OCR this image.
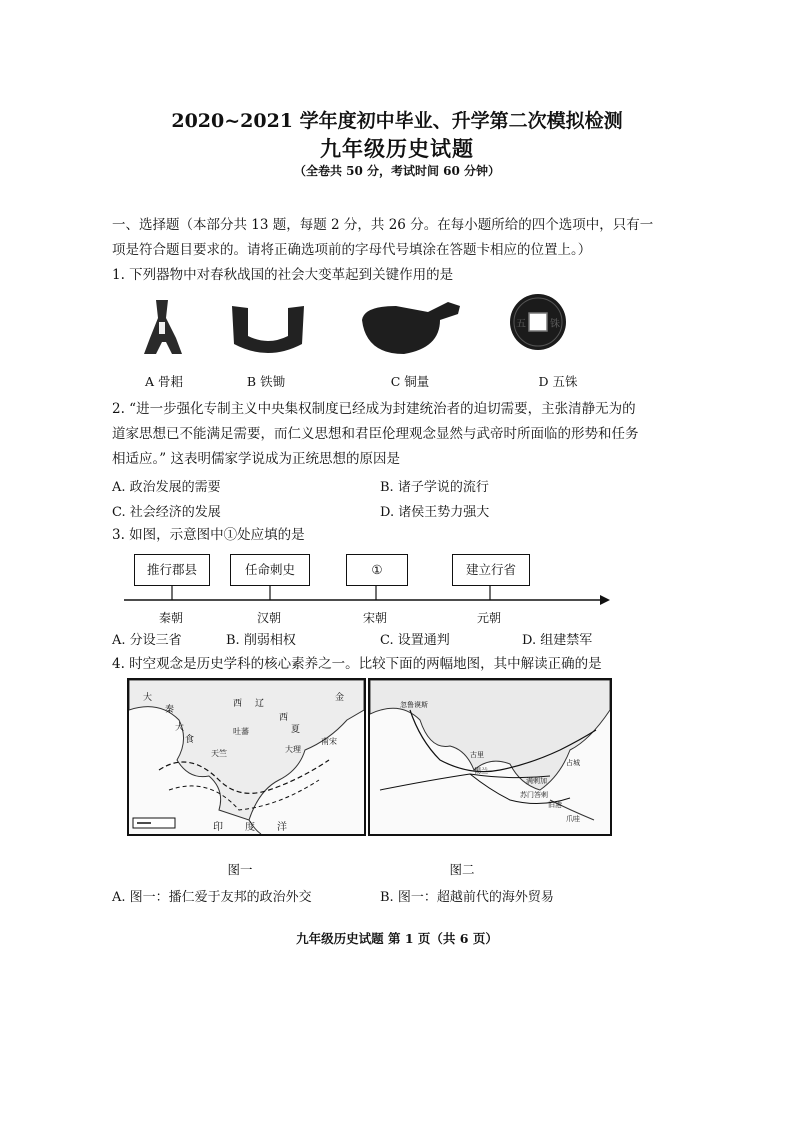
2020~2021 学年度初中毕业、升学第二次模拟检测
九年级历史试题
（全卷共 50 分，考试时间 60 分钟）
一、选择题（本部分共 13 题，每题 2 分，共 26 分。在每小题所给的四个选项中，只有一
项是符合题目要求的。请将正确选项前的字母代号填涂在答题卡相应的位置上。）
1. 下列器物中对春秋战国的社会大变革起到关键作用的是
五 铢
A 骨耜	B 铁锄	C 铜量	D 五铢
2. “进一步强化专制主义中央集权制度已经成为封建统治者的迫切需要，主张清静无为的
道家思想已不能满足需要，而仁义思想和君臣伦理观念显然与武帝时所面临的形势和任务
相适应。” 这表明儒家学说成为正统思想的原因是
A. 政治发展的需要	B. 诸子学说的流行
C. 社会经济的发展	D. 诸侯王势力强大
3. 如图，示意图中①处应填的是
推行郡县	任命刺史	①	建立行省
秦朝	汉朝	宋朝	元朝
A. 分设三省	B. 削弱相权	C. 设置通判	D. 组建禁军
4. 时空观念是历史学科的核心素养之一。比较下面的两幅地图，其中解读正确的是
大
秦
大
食
西 辽
吐蕃
西
夏
天竺	大理
南宋
金
印 度 洋
忽鲁谟斯
锡兰
古里
满剌加
苏门答剌
爪哇
旧港
占城
图一	图二
A. 图一：播仁爱于友邦的政治外交	B. 图一：超越前代的海外贸易
九年级历史试题 第 1 页（共 6 页）
